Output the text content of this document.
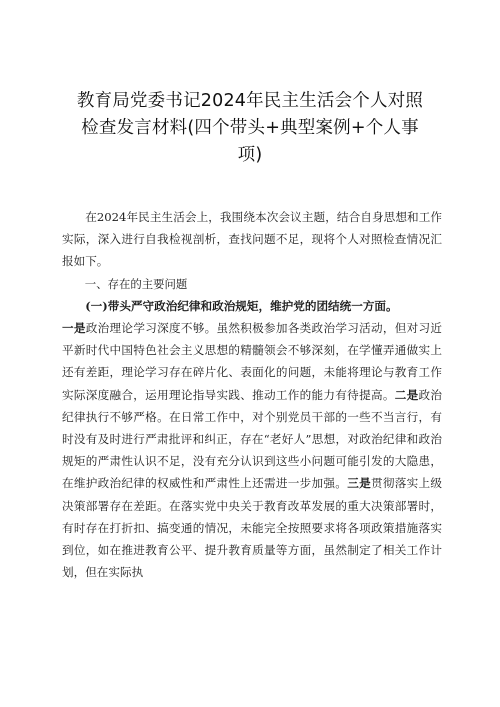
教育局党委书记2024年民主生活会个人对照
检查发言材料(四个带头+典型案例+个人事
项)

在2024年民主生活会上，我围绕本次会议主题，结合自身思想和工作实际，深入进行自我检视剖析，查找问题不足，现将个人对照检查情况汇报如下。

一、存在的主要问题

(一)带头严守政治纪律和政治规矩，维护党的团结统一方面。

一是政治理论学习深度不够。虽然积极参加各类政治学习活动，但对习近平新时代中国特色社会主义思想的精髓领会不够深刻，在学懂弄通做实上还有差距，理论学习存在碎片化、表面化的问题，未能将理论与教育工作实际深度融合，运用理论指导实践、推动工作的能力有待提高。二是政治纪律执行不够严格。在日常工作中，对个别党员干部的一些不当言行，有时没有及时进行严肃批评和纠正，存在“老好人”思想，对政治纪律和政治规矩的严肃性认识不足，没有充分认识到这些小问题可能引发的大隐患，在维护政治纪律的权威性和严肃性上还需进一步加强。三是贯彻落实上级决策部署存在差距。在落实党中央关于教育改革发展的重大决策部署时，有时存在打折扣、搞变通的情况，未能完全按照要求将各项政策措施落实到位，如在推进教育公平、提升教育质量等方面，虽然制定了相关工作计划，但在实际执
